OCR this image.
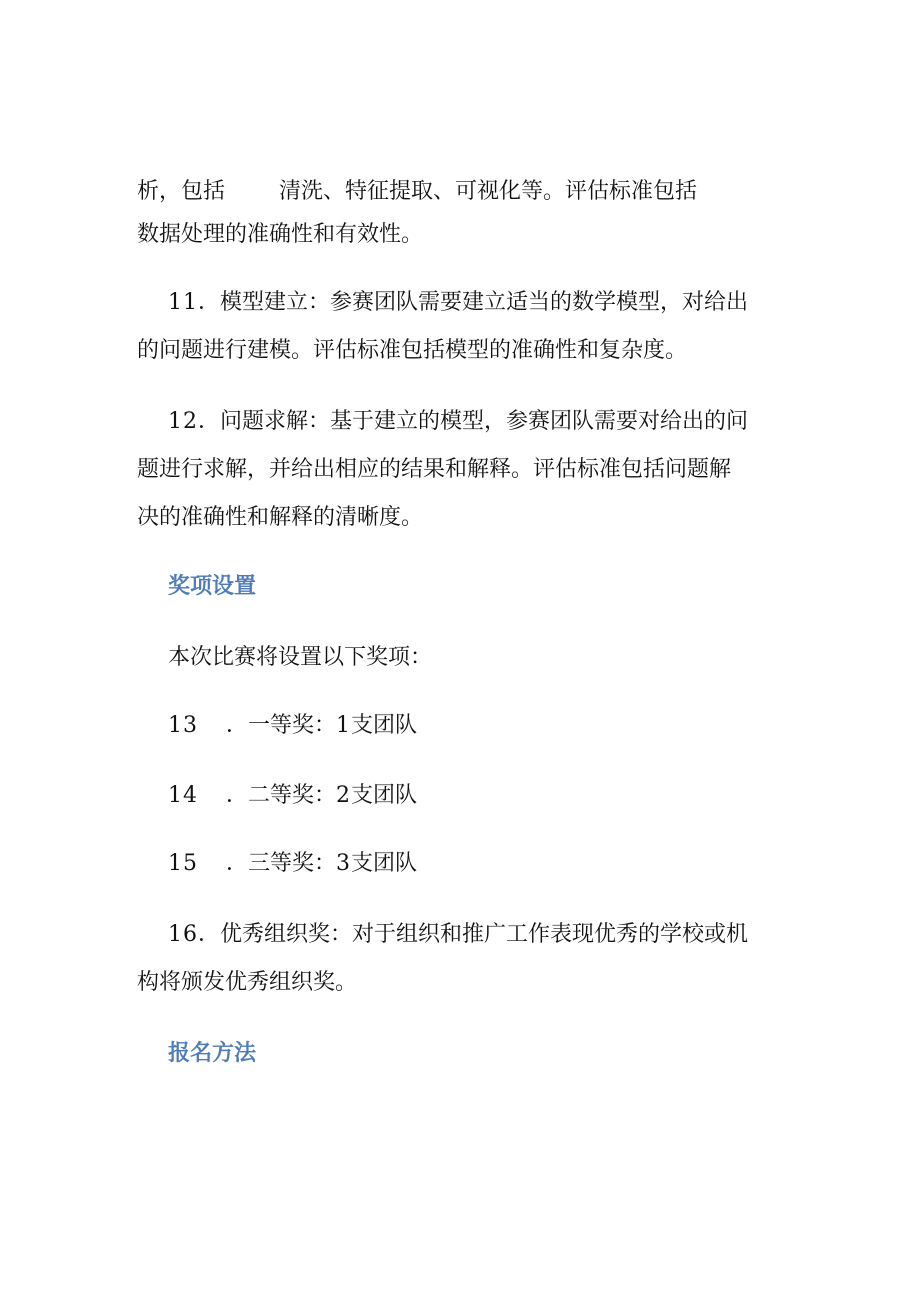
析，包括 清洗、特征提取、可视化等。评估标准包括
数据处理的准确性和有效性。
11．模型建立：参赛团队需要建立适当的数学模型，对给出
的问题进行建模。评估标准包括模型的准确性和复杂度。
12．问题求解：基于建立的模型，参赛团队需要对给出的问
题进行求解，并给出相应的结果和解释。评估标准包括问题解
决的准确性和解释的清晰度。
奖项设置
本次比赛将设置以下奖项：
13 ．一等奖：1支团队
14 ．二等奖：2支团队
15 ．三等奖：3支团队
16．优秀组织奖：对于组织和推广工作表现优秀的学校或机
构将颁发优秀组织奖。
报名方法
